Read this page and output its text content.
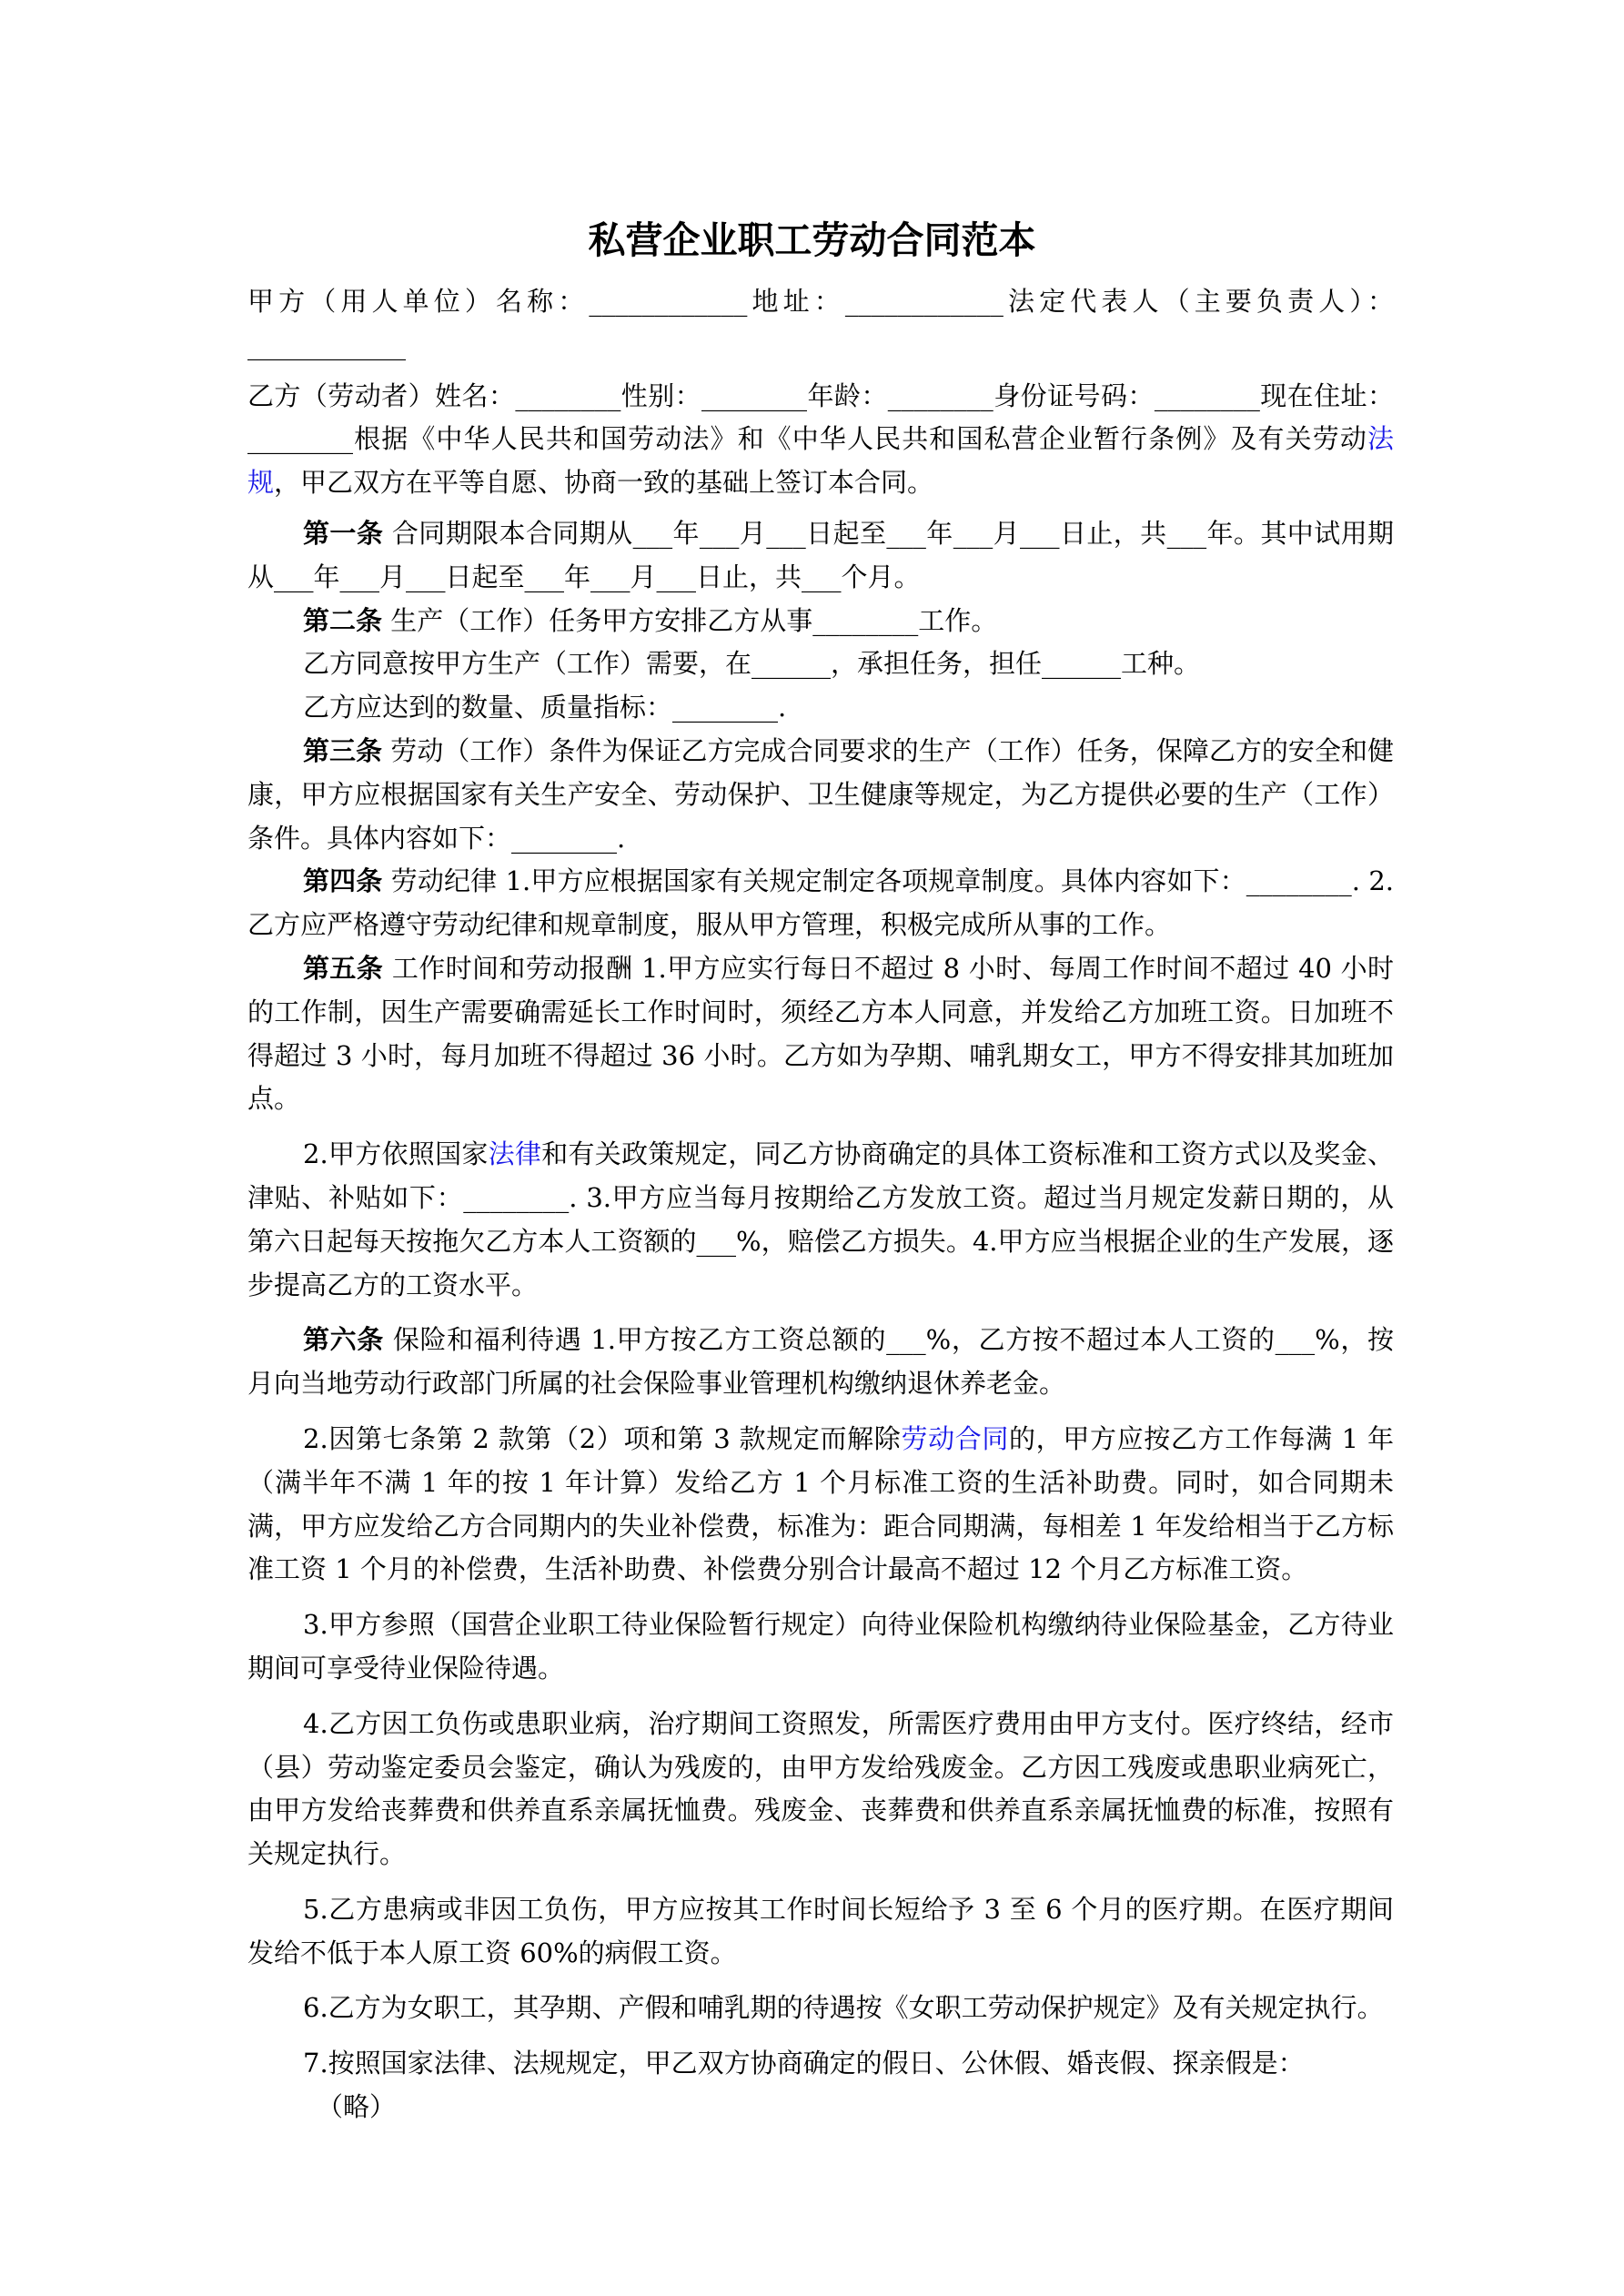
私营企业职工劳动合同范本

甲方（用人单位）名称：____________地址：____________法定代表人（主要负责人）：____________

乙方（劳动者）姓名：________性别：________年龄：________身份证号码：________现在住址：________根据《中华人民共和国劳动法》和《中华人民共和国私营企业暂行条例》及有关劳动法规，甲乙双方在平等自愿、协商一致的基础上签订本合同。

第一条 合同期限本合同期从___年___月___日起至___年___月___日止，共___年。其中试用期从___年___月___日起至___年___月___日止，共___个月。

第二条 生产（工作）任务甲方安排乙方从事________工作。

乙方同意按甲方生产（工作）需要，在______，承担任务，担任______工种。

乙方应达到的数量、质量指标：________.

第三条 劳动（工作）条件为保证乙方完成合同要求的生产（工作）任务，保障乙方的安全和健康，甲方应根据国家有关生产安全、劳动保护、卫生健康等规定，为乙方提供必要的生产（工作）条件。具体内容如下：________.

第四条 劳动纪律 1.甲方应根据国家有关规定制定各项规章制度。具体内容如下：________. 2.乙方应严格遵守劳动纪律和规章制度，服从甲方管理，积极完成所从事的工作。

第五条 工作时间和劳动报酬 1.甲方应实行每日不超过 8 小时、每周工作时间不超过 40 小时的工作制，因生产需要确需延长工作时间时，须经乙方本人同意，并发给乙方加班工资。日加班不得超过 3 小时，每月加班不得超过 36 小时。乙方如为孕期、哺乳期女工，甲方不得安排其加班加点。

2.甲方依照国家法律和有关政策规定，同乙方协商确定的具体工资标准和工资方式以及奖金、津贴、补贴如下：________. 3.甲方应当每月按期给乙方发放工资。超过当月规定发薪日期的，从第六日起每天按拖欠乙方本人工资额的___%，赔偿乙方损失。4.甲方应当根据企业的生产发展，逐步提高乙方的工资水平。

第六条 保险和福利待遇 1.甲方按乙方工资总额的___%，乙方按不超过本人工资的___%，按月向当地劳动行政部门所属的社会保险事业管理机构缴纳退休养老金。

2.因第七条第 2 款第（2）项和第 3 款规定而解除劳动合同的，甲方应按乙方工作每满 1 年（满半年不满 1 年的按 1 年计算）发给乙方 1 个月标准工资的生活补助费。同时，如合同期未满，甲方应发给乙方合同期内的失业补偿费，标准为：距合同期满，每相差 1 年发给相当于乙方标准工资 1 个月的补偿费，生活补助费、补偿费分别合计最高不超过 12 个月乙方标准工资。

3.甲方参照（国营企业职工待业保险暂行规定）向待业保险机构缴纳待业保险基金，乙方待业期间可享受待业保险待遇。

4.乙方因工负伤或患职业病，治疗期间工资照发，所需医疗费用由甲方支付。医疗终结，经市（县）劳动鉴定委员会鉴定，确认为残废的，由甲方发给残废金。乙方因工残废或患职业病死亡，由甲方发给丧葬费和供养直系亲属抚恤费。残废金、丧葬费和供养直系亲属抚恤费的标准，按照有关规定执行。

5.乙方患病或非因工负伤，甲方应按其工作时间长短给予 3 至 6 个月的医疗期。在医疗期间发给不低于本人原工资 60%的病假工资。

6.乙方为女职工，其孕期、产假和哺乳期的待遇按《女职工劳动保护规定》及有关规定执行。

7.按照国家法律、法规规定，甲乙双方协商确定的假日、公休假、婚丧假、探亲假是：

（略）
